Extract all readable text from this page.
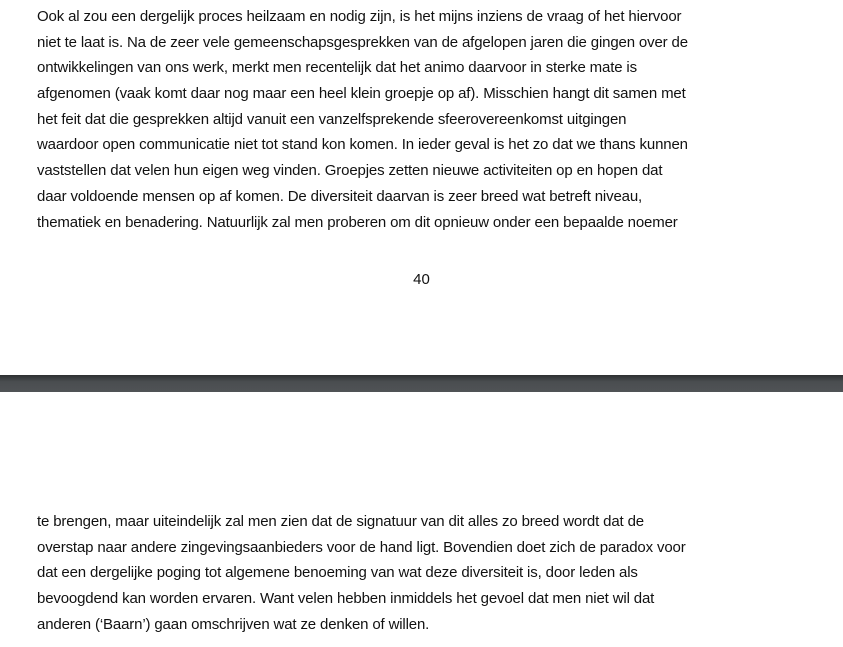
Ook al zou een dergelijk proces heilzaam en nodig zijn, is het mijns inziens de vraag of het hiervoor
niet te laat is. Na de zeer vele gemeenschapsgesprekken van de afgelopen jaren die gingen over de
ontwikkelingen van ons werk, merkt men recentelijk dat het animo daarvoor in sterke mate is
afgenomen (vaak komt daar nog maar een heel klein groepje op af). Misschien hangt dit samen met
het feit dat die gesprekken altijd vanuit een vanzelfsprekende sfeerovereenkomst uitgingen
waardoor open communicatie niet tot stand kon komen. In ieder geval is het zo dat we thans kunnen
vaststellen dat velen hun eigen weg vinden. Groepjes zetten nieuwe activiteiten op en hopen dat
daar voldoende mensen op af komen. De diversiteit daarvan is zeer breed wat betreft niveau,
thematiek en benadering. Natuurlijk zal men proberen om dit opnieuw onder een bepaalde noemer
40
te brengen, maar uiteindelijk zal men zien dat de signatuur van dit alles zo breed wordt dat de
overstap naar andere zingevingsaanbieders voor de hand ligt. Bovendien doet zich de paradox voor
dat een dergelijke poging tot algemene benoeming van wat deze diversiteit is, door leden als
bevoogdend kan worden ervaren. Want velen hebben inmiddels het gevoel dat men niet wil dat
anderen (‘Baarn’) gaan omschrijven wat ze denken of willen.
